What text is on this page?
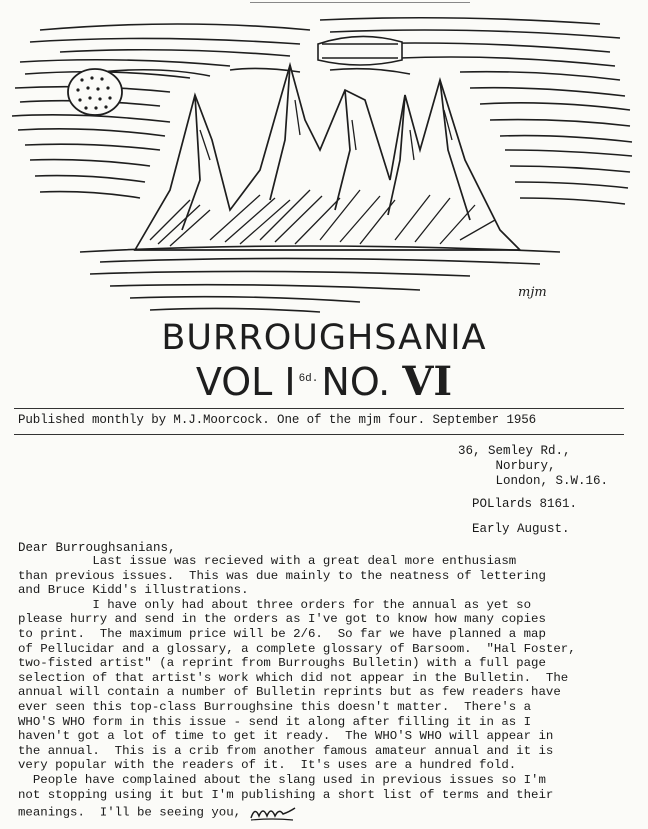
mjm
BURROUGHSANIA
VOL I $^{6d.}$NO. VI
Published monthly by M.J.Moorcock. One of the mjm four. September 1956
36, Semley Rd.,
Norbury,
London, S.W.16.
POLlards 8161.
Early August.
Dear Burroughsanians,
Last issue was recieved with a great deal more enthusiasm
than previous issues.  This was due mainly to the neatness of lettering
and Bruce Kidd's illustrations.
I have only had about three orders for the annual as yet so
please hurry and send in the orders as I've got to know how many copies
to print.  The maximum price will be 2/6.  So far we have planned a map
of Pellucidar and a glossary, a complete glossary of Barsoom.  "Hal Foster,
two-fisted artist" (a reprint from Burroughs Bulletin) with a full page
selection of that artist's work which did not appear in the Bulletin.  The
annual will contain a number of Bulletin reprints but as few readers have
ever seen this top-class Burroughsine this doesn't matter.  There's a
WHO'S WHO form in this issue - send it along after filling it in as I
haven't got a lot of time to get it ready.  The WHO'S WHO will appear in
the annual.  This is a crib from another famous amateur annual and it is
very popular with the readers of it.  It's uses are a hundred fold.
People have complained about the slang used in previous issues so I'm
not stopping using it but I'm publishing a short list of terms and their
meanings.  I'll be seeing you,
